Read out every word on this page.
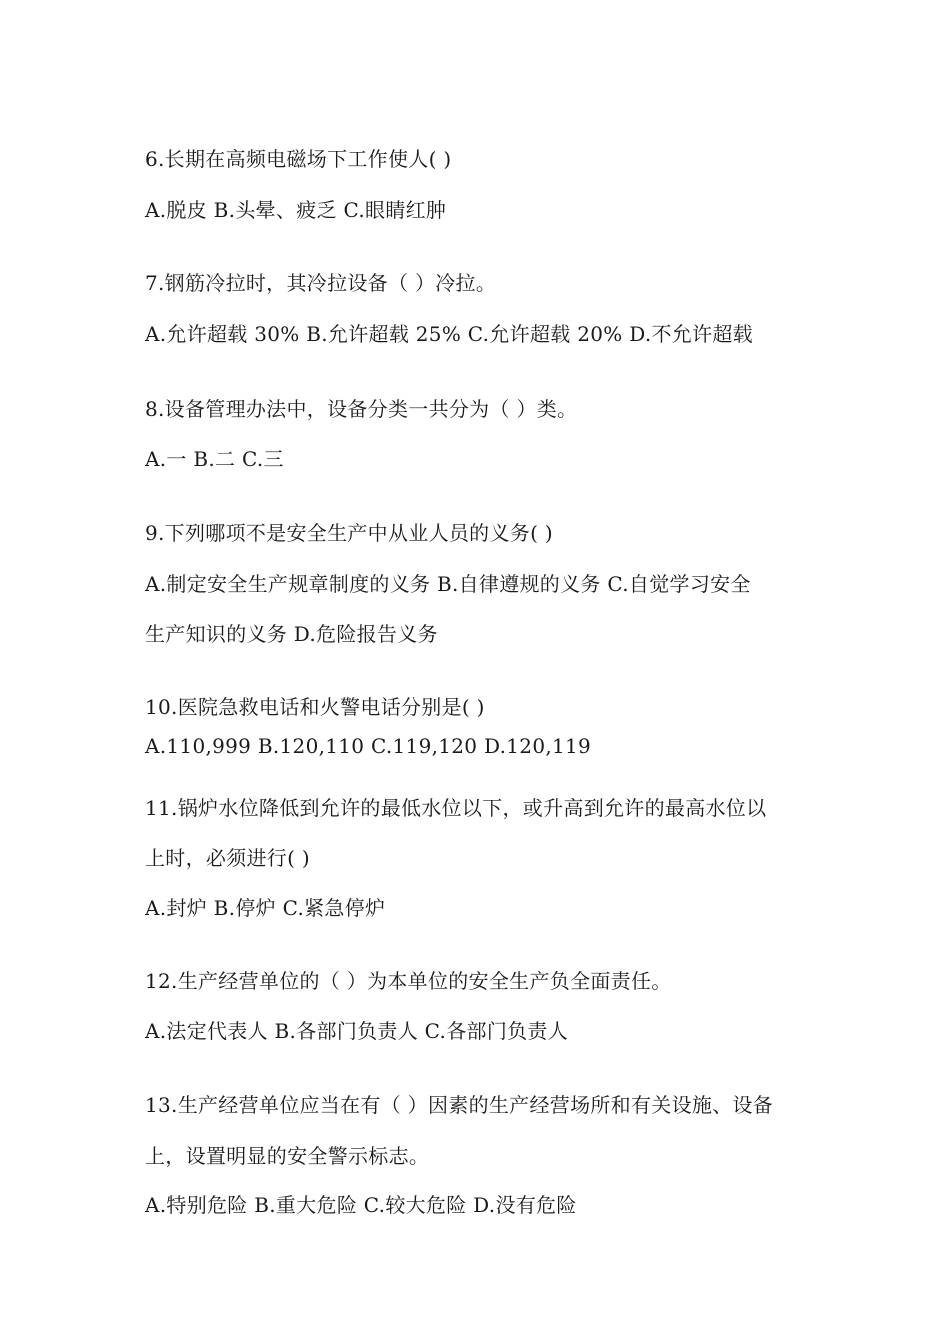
6.长期在高频电磁场下工作使人( )
A.脱皮 B.头晕、疲乏 C.眼睛红肿
7.钢筋冷拉时，其冷拉设备（ ）冷拉。
A.允许超载 30% B.允许超载 25% C.允许超载 20% D.不允许超载
8.设备管理办法中，设备分类一共分为（ ）类。
A.一 B.二 C.三
9.下列哪项不是安全生产中从业人员的义务( )
A.制定安全生产规章制度的义务 B.自律遵规的义务 C.自觉学习安全
生产知识的义务 D.危险报告义务
10.医院急救电话和火警电话分别是( )
A.110,999 B.120,110 C.119,120 D.120,119
11.锅炉水位降低到允许的最低水位以下，或升高到允许的最高水位以
上时，必须进行( )
A.封炉 B.停炉 C.紧急停炉
12.生产经营单位的（ ）为本单位的安全生产负全面责任。
A.法定代表人 B.各部门负责人 C.各部门负责人
13.生产经营单位应当在有（ ）因素的生产经营场所和有关设施、设备
上，设置明显的安全警示标志。
A.特别危险 B.重大危险 C.较大危险 D.没有危险
